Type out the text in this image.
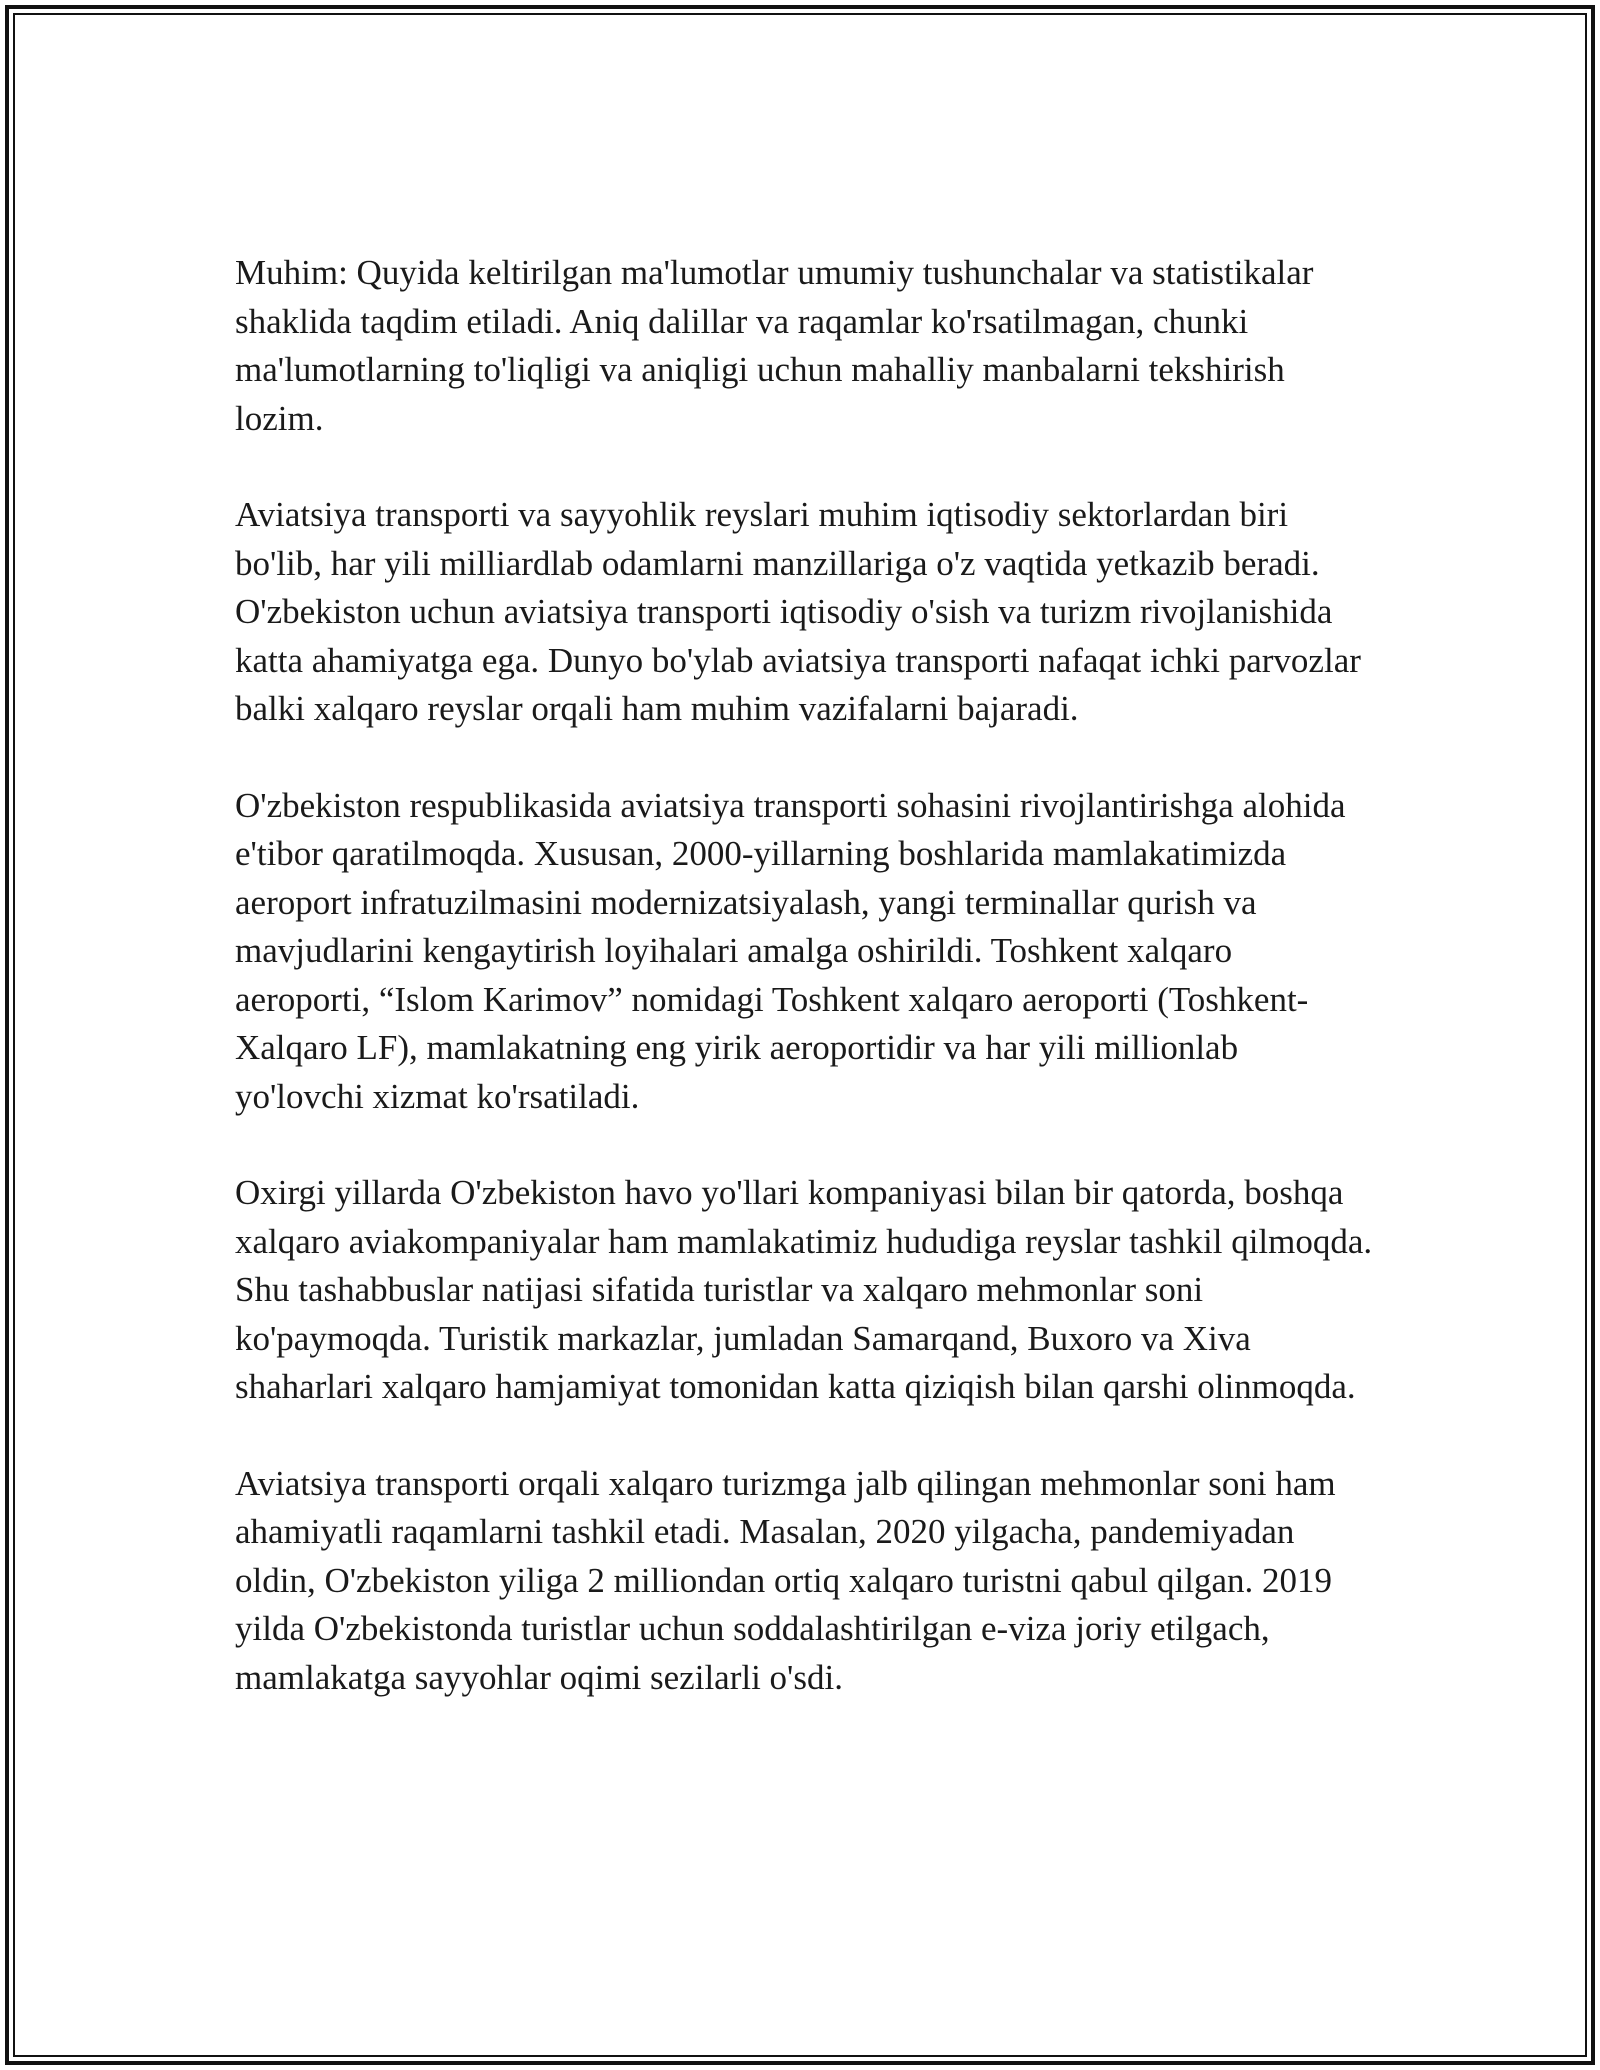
Muhim: Quyida keltirilgan ma'lumotlar umumiy tushunchalar va statistikalar shaklida taqdim etiladi. Aniq dalillar va raqamlar ko'rsatilmagan, chunki ma'lumotlarning to'liqligi va aniqligi uchun mahalliy manbalarni tekshirish lozim.

Aviatsiya transporti va sayyohlik reyslari muhim iqtisodiy sektorlardan biri bo'lib, har yili milliardlab odamlarni manzillariga o'z vaqtida yetkazib beradi. O'zbekiston uchun aviatsiya transporti iqtisodiy o'sish va turizm rivojlanishida katta ahamiyatga ega. Dunyo bo'ylab aviatsiya transporti nafaqat ichki parvozlar balki xalqaro reyslar orqali ham muhim vazifalarni bajaradi.

O'zbekiston respublikasida aviatsiya transporti sohasini rivojlantirishga alohida e'tibor qaratilmoqda. Xususan, 2000-yillarning boshlarida mamlakatimizda aeroport infratuzilmasini modernizatsiyalash, yangi terminallar qurish va mavjudlarini kengaytirish loyihalari amalga oshirildi. Toshkent xalqaro aeroporti, “Islom Karimov” nomidagi Toshkent xalqaro aeroporti (Toshkent-Xalqaro LF), mamlakatning eng yirik aeroportidir va har yili millionlab yo'lovchi xizmat ko'rsatiladi.

Oxirgi yillarda O'zbekiston havo yo'llari kompaniyasi bilan bir qatorda, boshqa xalqaro aviakompaniyalar ham mamlakatimiz hududiga reyslar tashkil qilmoqda. Shu tashabbuslar natijasi sifatida turistlar va xalqaro mehmonlar soni ko'paymoqda. Turistik markazlar, jumladan Samarqand, Buxoro va Xiva shaharlari xalqaro hamjamiyat tomonidan katta qiziqish bilan qarshi olinmoqda.

Aviatsiya transporti orqali xalqaro turizmga jalb qilingan mehmonlar soni ham ahamiyatli raqamlarni tashkil etadi. Masalan, 2020 yilgacha, pandemiyadan oldin, O'zbekiston yiliga 2 milliondan ortiq xalqaro turistni qabul qilgan. 2019 yilda O'zbekistonda turistlar uchun soddalashtirilgan e-viza joriy etilgach, mamlakatga sayyohlar oqimi sezilarli o'sdi.
